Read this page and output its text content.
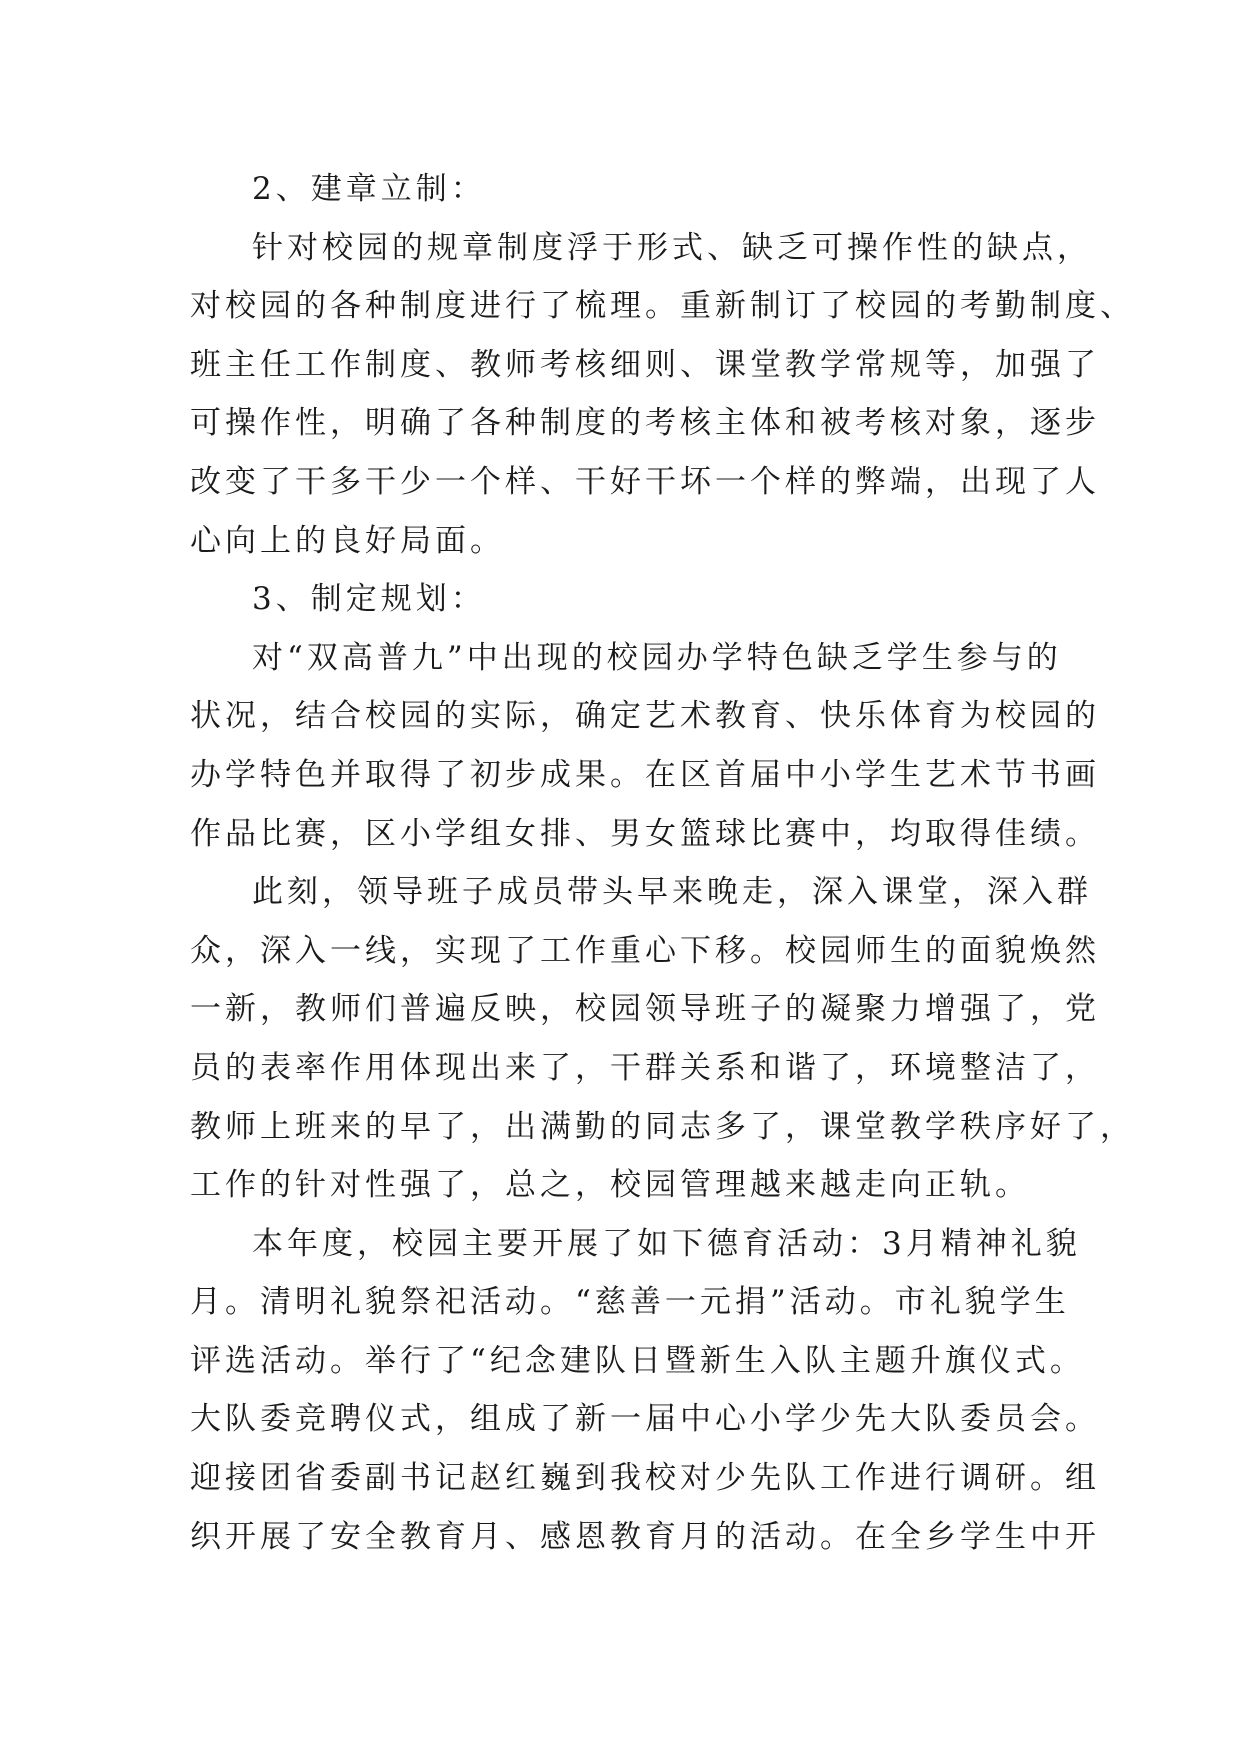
2、建章立制：
针对校园的规章制度浮于形式、缺乏可操作性的缺点，
对校园的各种制度进行了梳理。重新制订了校园的考勤制度、
班主任工作制度、教师考核细则、课堂教学常规等，加强了
可操作性，明确了各种制度的考核主体和被考核对象，逐步
改变了干多干少一个样、干好干坏一个样的弊端，出现了人
心向上的良好局面。
3、制定规划：
对“双高普九”中出现的校园办学特色缺乏学生参与的
状况，结合校园的实际，确定艺术教育、快乐体育为校园的
办学特色并取得了初步成果。在区首届中小学生艺术节书画
作品比赛，区小学组女排、男女篮球比赛中，均取得佳绩。
此刻，领导班子成员带头早来晚走，深入课堂，深入群
众，深入一线，实现了工作重心下移。校园师生的面貌焕然
一新，教师们普遍反映，校园领导班子的凝聚力增强了，党
员的表率作用体现出来了，干群关系和谐了，环境整洁了，
教师上班来的早了，出满勤的同志多了，课堂教学秩序好了，
工作的针对性强了，总之，校园管理越来越走向正轨。
本年度，校园主要开展了如下德育活动：3月精神礼貌
月。清明礼貌祭祀活动。“慈善一元捐”活动。市礼貌学生
评选活动。举行了“纪念建队日暨新生入队主题升旗仪式。
大队委竞聘仪式，组成了新一届中心小学少先大队委员会。
迎接团省委副书记赵红巍到我校对少先队工作进行调研。组
织开展了安全教育月、感恩教育月的活动。在全乡学生中开
